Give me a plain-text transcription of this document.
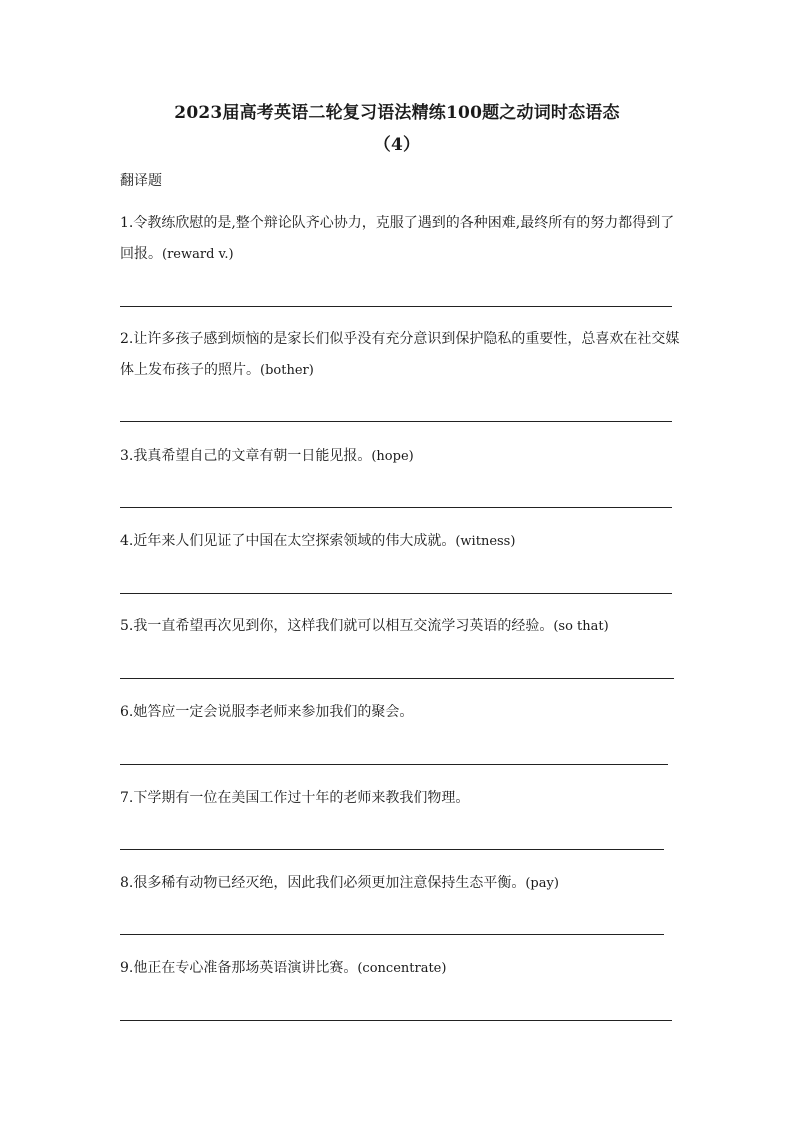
2023届高考英语二轮复习语法精练100题之动词时态语态
（4）
翻译题
1.令教练欣慰的是,整个辩论队齐心协力，克服了遇到的各种困难,最终所有的努力都得到了回报。(reward v.)
2.让许多孩子感到烦恼的是家长们似乎没有充分意识到保护隐私的重要性，总喜欢在社交媒体上发布孩子的照片。(bother)
3.我真希望自己的文章有朝一日能见报。(hope)
4.近年来人们见证了中国在太空探索领域的伟大成就。(witness)
5.我一直希望再次见到你，这样我们就可以相互交流学习英语的经验。(so that)
6.她答应一定会说服李老师来参加我们的聚会。
7.下学期有一位在美国工作过十年的老师来教我们物理。
8.很多稀有动物已经灭绝，因此我们必须更加注意保持生态平衡。(pay)
9.他正在专心准备那场英语演讲比赛。(concentrate)
